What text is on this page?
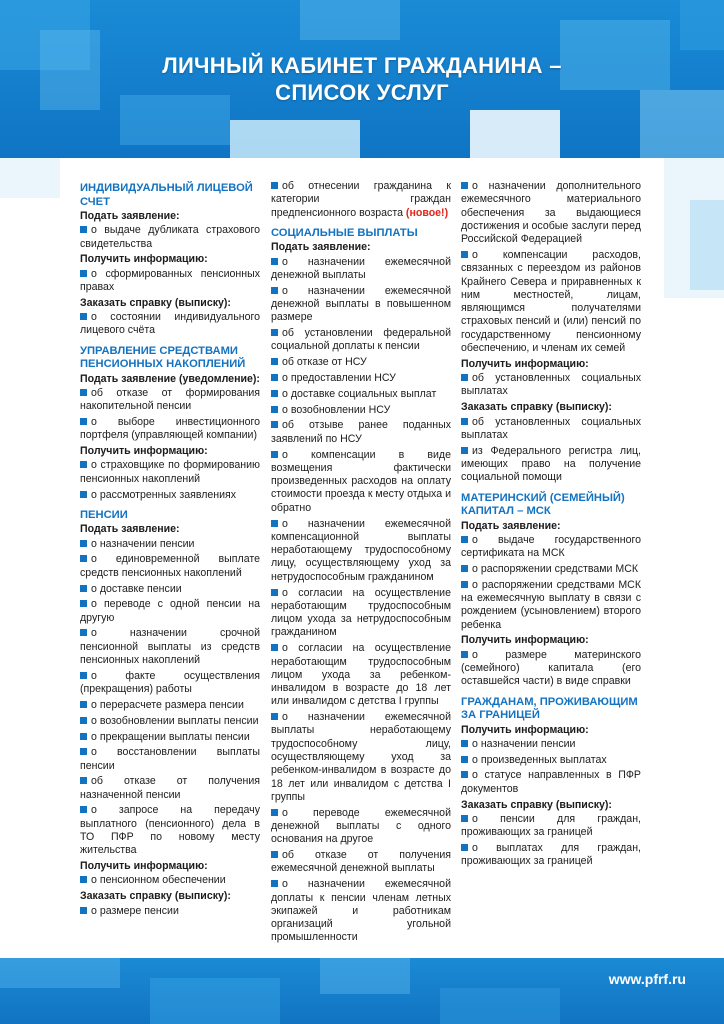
ЛИЧНЫЙ КАБИНЕТ ГРАЖДАНИНА –
СПИСОК УСЛУГ
ИНДИВИДУАЛЬНЫЙ ЛИЦЕВОЙ СЧЕТ
Подать заявление:
о выдаче дубликата страхового свидетельства
Получить информацию:
о сформированных пенсионных правах
Заказать справку (выписку):
о состоянии индивидуального лицевого счёта
УПРАВЛЕНИЕ СРЕДСТВАМИ ПЕНСИОННЫХ НАКОПЛЕНИЙ
Подать заявление (уведомление):
об отказе от формирования накопительной пенсии
о выборе инвестиционного портфеля (управляющей компании)
Получить информацию:
о страховщике по формированию пенсионных накоплений
о рассмотренных заявлениях
ПЕНСИИ
Подать заявление:
о назначении пенсии
о единовременной выплате средств пенсионных накоплений
о доставке пенсии
о переводе с одной пенсии на другую
о назначении срочной пенсионной выплаты из средств пенсионных накоплений
о факте осуществления (прекращения) работы
о перерасчете размера пенсии
о возобновлении выплаты пенсии
о прекращении выплаты пенсии
о восстановлении выплаты пенсии
об отказе от получения назначенной пенсии
о запросе на передачу выплатного (пенсионного) дела в ТО ПФР по новому месту жительства
Получить информацию:
о пенсионном обеспечении
Заказать справку (выписку):
о размере пенсии
об отнесении гражданина к категории граждан предпенсионного возраста (новое!)
СОЦИАЛЬНЫЕ ВЫПЛАТЫ
Подать заявление:
о назначении ежемесячной денежной выплаты
о назначении ежемесячной денежной выплаты в повышенном размере
об установлении федеральной социальной доплаты к пенсии
об отказе от НСУ
о предоставлении НСУ
о доставке социальных выплат
о возобновлении НСУ
об отзыве ранее поданных заявлений по НСУ
о компенсации в виде возмещения фактически произведенных расходов на оплату стоимости проезда к месту отдыха и обратно
о назначении ежемесячной компенсационной выплаты неработающему трудоспособному лицу, осуществляющему уход за нетрудоспособным гражданином
о согласии на осуществление неработающим трудоспособным лицом ухода за нетрудоспособным гражданином
о согласии на осуществление неработающим трудоспособным лицом ухода за ребенком-инвалидом в возрасте до 18 лет или инвалидом с детства I группы
о назначении ежемесячной выплаты неработающему трудоспособному лицу, осуществляющему уход за ребенком-инвалидом в возрасте до 18 лет или инвалидом с детства I группы
о переводе ежемесячной денежной выплаты с одного основания на другое
об отказе от получения ежемесячной денежной выплаты
о назначении ежемесячной доплаты к пенсии членам летных экипажей и работникам организаций угольной промышленности
о назначении дополнительного ежемесячного материального обеспечения за выдающиеся достижения и особые заслуги перед Российской Федерацией
о компенсации расходов, связанных с переездом из районов Крайнего Севера и приравненных к ним местностей, лицам, являющимся получателями страховых пенсий и (или) пенсий по государственному пенсионному обеспечению, и членам их семей
Получить информацию:
об установленных социальных выплатах
Заказать справку (выписку):
об установленных социальных выплатах
из Федерального регистра лиц, имеющих право на получение социальной помощи
МАТЕРИНСКИЙ (СЕМЕЙНЫЙ) КАПИТАЛ – МСК
Подать заявление:
о выдаче государственного сертификата на МСК
о распоряжении средствами МСК
о распоряжении средствами МСК на ежемесячную выплату в связи с рождением (усыновлением) второго ребенка
Получить информацию:
о размере материнского (семейного) капитала (его оставшейся части) в виде справки
ГРАЖДАНАМ, ПРОЖИВАЮЩИМ ЗА ГРАНИЦЕЙ
Получить информацию:
о назначении пенсии
о произведенных выплатах
о статусе направленных в ПФР документов
Заказать справку (выписку):
о пенсии для граждан, проживающих за границей
о выплатах для граждан, проживающих за границей
www.pfrf.ru
